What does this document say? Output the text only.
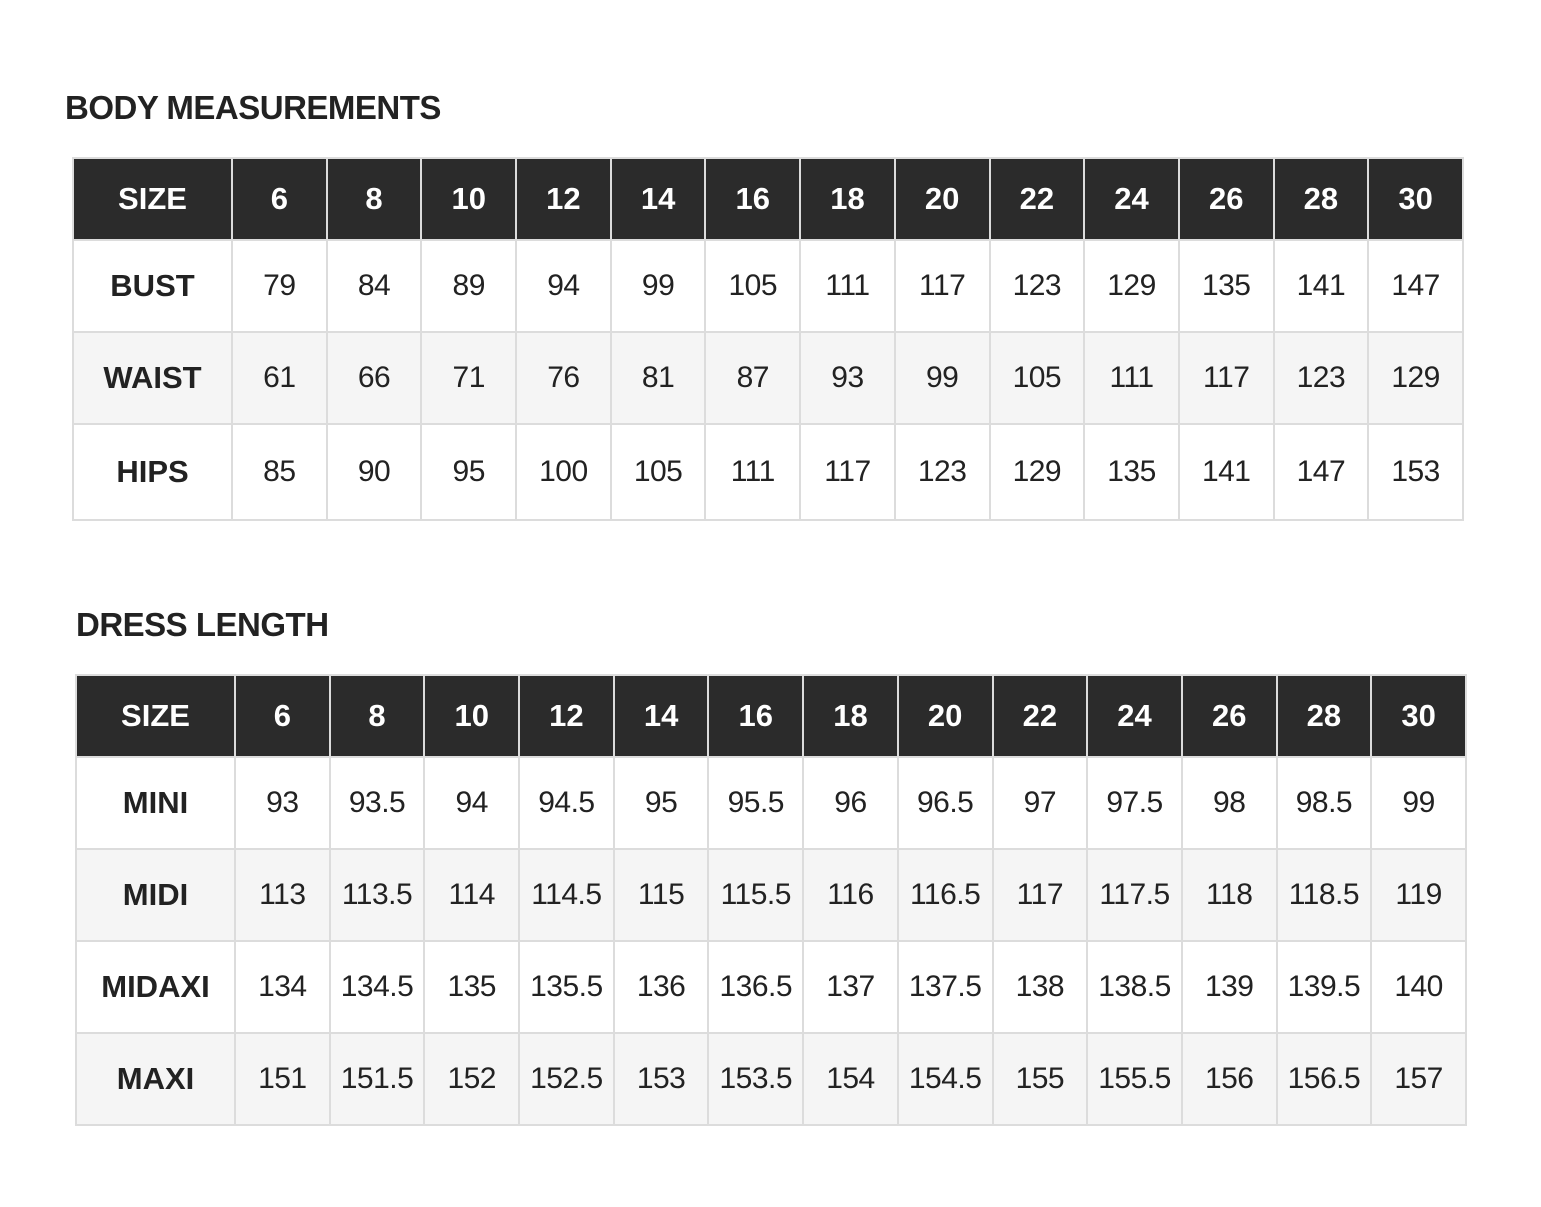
BODY MEASUREMENTS
SIZE	6	8	10	12	14	16	18	20	22	24	26	28	30
BUST	79	84	89	94	99	105	111	117	123	129	135	141	147
WAIST	61	66	71	76	81	87	93	99	105	111	117	123	129
HIPS	85	90	95	100	105	111	117	123	129	135	141	147	153
DRESS LENGTH
SIZE	6	8	10	12	14	16	18	20	22	24	26	28	30
MINI	93	93.5	94	94.5	95	95.5	96	96.5	97	97.5	98	98.5	99
MIDI	113	113.5	114	114.5	115	115.5	116	116.5	117	117.5	118	118.5	119
MIDAXI	134	134.5	135	135.5	136	136.5	137	137.5	138	138.5	139	139.5	140
MAXI	151	151.5	152	152.5	153	153.5	154	154.5	155	155.5	156	156.5	157
